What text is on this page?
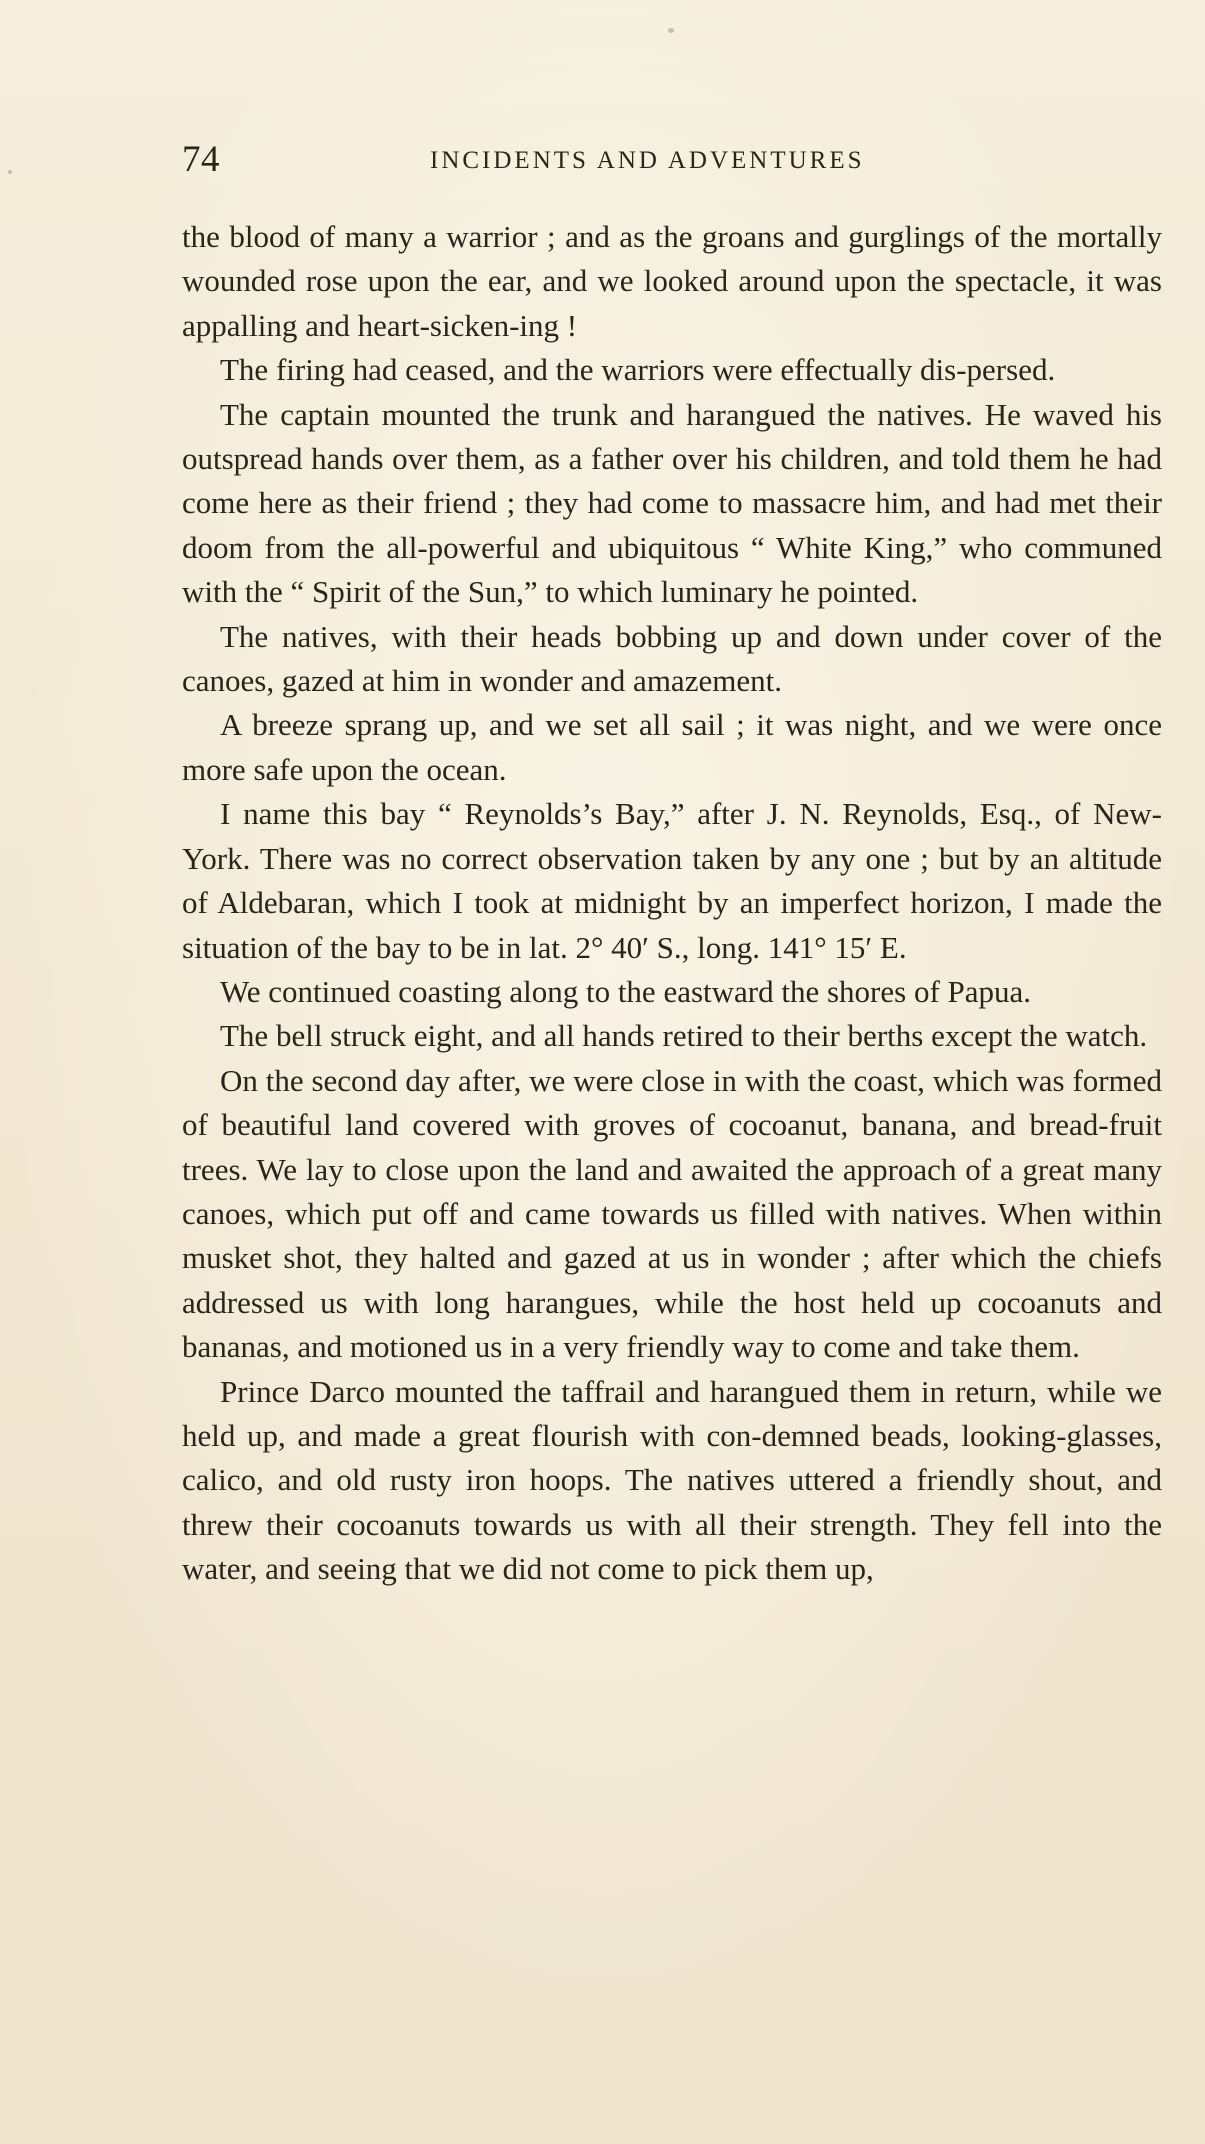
74	INCIDENTS AND ADVENTURES

the blood of many a warrior ; and as the groans and gurglings of the mortally wounded rose upon the ear, and we looked around upon the spectacle, it was appalling and heart-sicken-ing !

The firing had ceased, and the warriors were effectually dis-persed.

The captain mounted the trunk and harangued the natives. He waved his outspread hands over them, as a father over his children, and told them he had come here as their friend ; they had come to massacre him, and had met their doom from the all-powerful and ubiquitous “ White King,” who communed with the “ Spirit of the Sun,” to which luminary he pointed.

The natives, with their heads bobbing up and down under cover of the canoes, gazed at him in wonder and amazement.

A breeze sprang up, and we set all sail ; it was night, and we were once more safe upon the ocean.

I name this bay “ Reynolds’s Bay,” after J. N. Reynolds, Esq., of New-York. There was no correct observation taken by any one ; but by an altitude of Aldebaran, which I took at midnight by an imperfect horizon, I made the situation of the bay to be in lat. 2° 40′ S., long. 141° 15′ E.

We continued coasting along to the eastward the shores of Papua.

The bell struck eight, and all hands retired to their berths except the watch.

On the second day after, we were close in with the coast, which was formed of beautiful land covered with groves of cocoanut, banana, and bread-fruit trees. We lay to close upon the land and awaited the approach of a great many canoes, which put off and came towards us filled with natives. When within musket shot, they halted and gazed at us in wonder ; after which the chiefs addressed us with long harangues, while the host held up cocoanuts and bananas, and motioned us in a very friendly way to come and take them.

Prince Darco mounted the taffrail and harangued them in return, while we held up, and made a great flourish with con-demned beads, looking-glasses, calico, and old rusty iron hoops. The natives uttered a friendly shout, and threw their cocoanuts towards us with all their strength. They fell into the water, and seeing that we did not come to pick them up,
